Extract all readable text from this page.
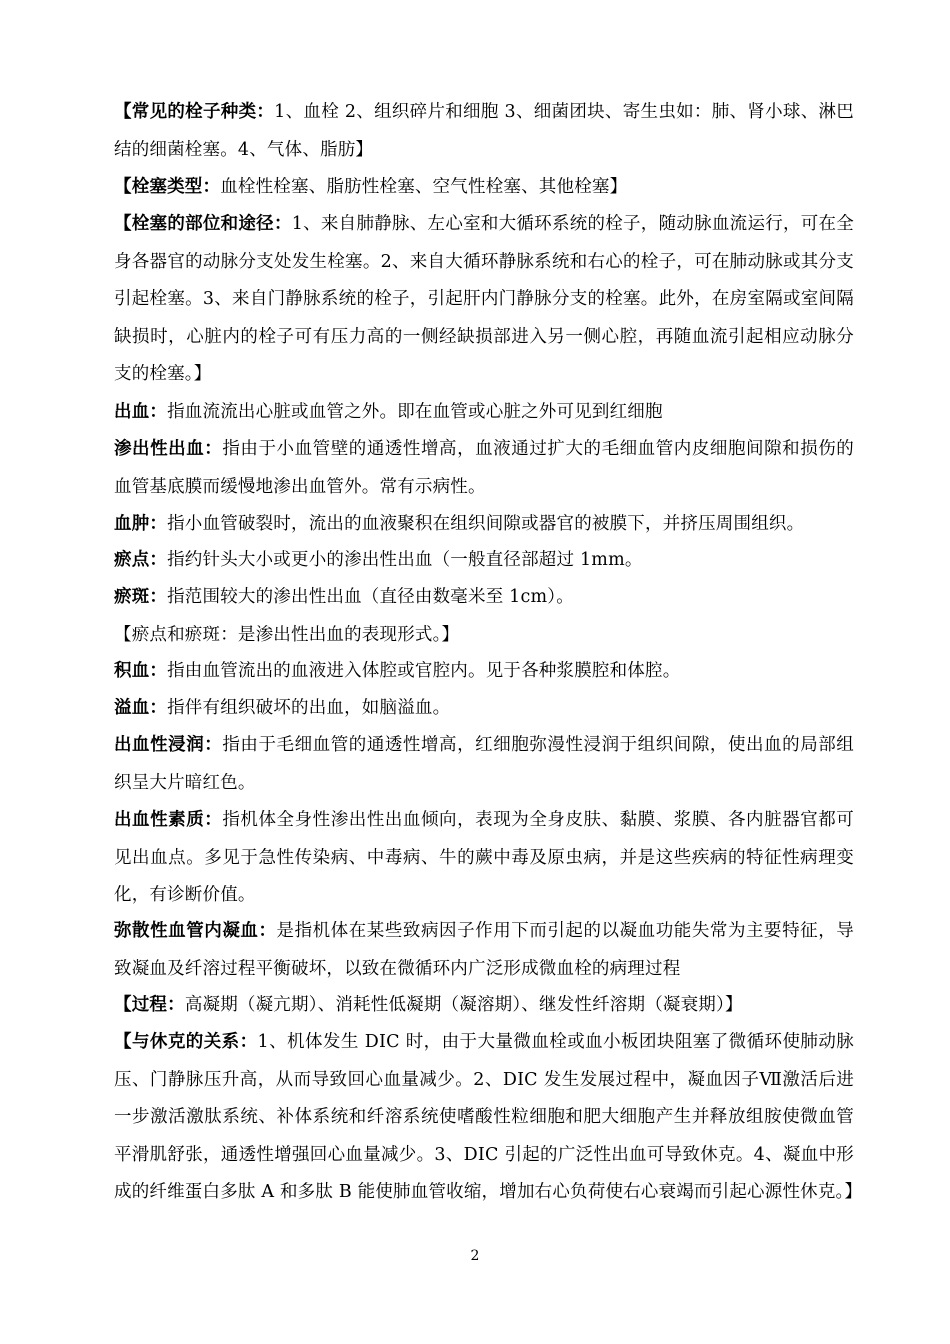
【常见的栓子种类：1、血栓 2、组织碎片和细胞 3、细菌团块、寄生虫如：肺、肾小球、淋巴结的细菌栓塞。4、气体、脂肪】

【栓塞类型：血栓性栓塞、脂肪性栓塞、空气性栓塞、其他栓塞】

【栓塞的部位和途径：1、来自肺静脉、左心室和大循环系统的栓子，随动脉血流运行，可在全身各器官的动脉分支处发生栓塞。2、来自大循环静脉系统和右心的栓子，可在肺动脉或其分支引起栓塞。3、来自门静脉系统的栓子，引起肝内门静脉分支的栓塞。此外，在房室隔或室间隔缺损时，心脏内的栓子可有压力高的一侧经缺损部进入另一侧心腔，再随血流引起相应动脉分支的栓塞。】

出血：指血流流出心脏或血管之外。即在血管或心脏之外可见到红细胞

渗出性出血：指由于小血管壁的通透性增高，血液通过扩大的毛细血管内皮细胞间隙和损伤的血管基底膜而缓慢地渗出血管外。常有示病性。

血肿：指小血管破裂时，流出的血液聚积在组织间隙或器官的被膜下，并挤压周围组织。

瘀点：指约针头大小或更小的渗出性出血（一般直径部超过 1mm。

瘀斑：指范围较大的渗出性出血（直径由数毫米至 1cm）。

【瘀点和瘀斑：是渗出性出血的表现形式。】

积血：指由血管流出的血液进入体腔或官腔内。见于各种浆膜腔和体腔。

溢血：指伴有组织破坏的出血，如脑溢血。

出血性浸润：指由于毛细血管的通透性增高，红细胞弥漫性浸润于组织间隙，使出血的局部组织呈大片暗红色。

出血性素质：指机体全身性渗出性出血倾向，表现为全身皮肤、黏膜、浆膜、各内脏器官都可见出血点。多见于急性传染病、中毒病、牛的蕨中毒及原虫病，并是这些疾病的特征性病理变化，有诊断价值。

弥散性血管内凝血：是指机体在某些致病因子作用下而引起的以凝血功能失常为主要特征，导致凝血及纤溶过程平衡破坏，以致在微循环内广泛形成微血栓的病理过程

【过程：高凝期（凝亢期）、消耗性低凝期（凝溶期）、继发性纤溶期（凝衰期）】

【与休克的关系：1、机体发生 DIC 时，由于大量微血栓或血小板团块阻塞了微循环使肺动脉压、门静脉压升高，从而导致回心血量减少。2、DIC 发生发展过程中，凝血因子Ⅶ激活后进一步激活激肽系统、补体系统和纤溶系统使嗜酸性粒细胞和肥大细胞产生并释放组胺使微血管平滑肌舒张，通透性增强回心血量减少。3、DIC 引起的广泛性出血可导致休克。4、凝血中形成的纤维蛋白多肽 A 和多肽 B 能使肺血管收缩，增加右心负荷使右心衰竭而引起心源性休克。】

2
